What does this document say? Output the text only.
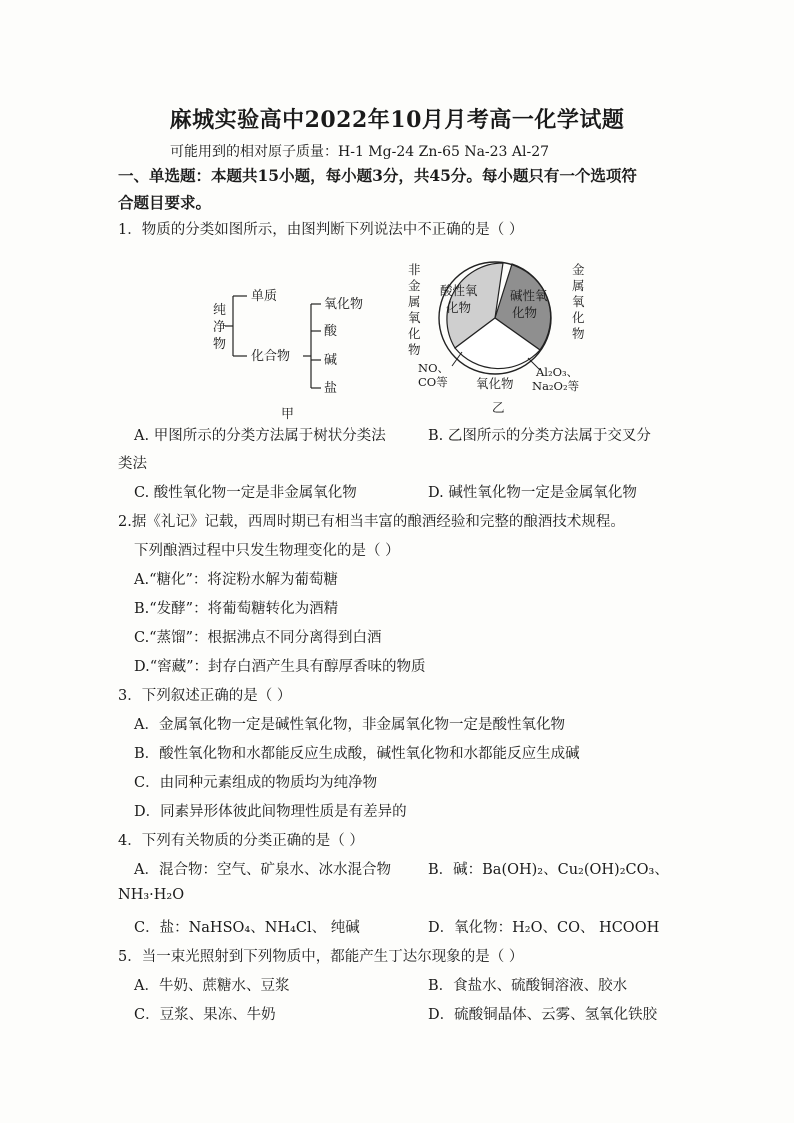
麻城实验高中2022年10月月考高一化学试题
可能用到的相对原子质量：H-1 Mg-24 Zn-65 Na-23 Al-27
一、单选题：本题共15小题，每小题3分，共45分。每小题只有一个选项符
合题目要求。
1．物质的分类如图所示，由图判断下列说法中不正确的是（ ）
纯
净
物
单质
化合物
氧化物
酸
碱
盐
甲
非
金
属
氧
化
物
金
属
氧
化
物
酸性氧
化物
碱性氧
化物
氧化物
NO、
CO等
Al₂O₃、
Na₂O₂等
乙
A. 甲图所示的分类方法属于树状分类法	B. 乙图所示的分类方法属于交叉分
类法
C. 酸性氧化物一定是非金属氧化物	D. 碱性氧化物一定是金属氧化物
2.据《礼记》记载，西周时期已有相当丰富的酿酒经验和完整的酿酒技术规程。
下列酿酒过程中只发生物理变化的是（ ）
A.“糖化”：将淀粉水解为葡萄糖
B.“发酵”：将葡萄糖转化为酒精
C.“蒸馏”：根据沸点不同分离得到白酒
D.“窖藏”：封存白酒产生具有醇厚香味的物质
3．下列叙述正确的是（ ）
A．金属氧化物一定是碱性氧化物，非金属氧化物一定是酸性氧化物
B．酸性氧化物和水都能反应生成酸，碱性氧化物和水都能反应生成碱
C．由同种元素组成的物质均为纯净物
D．同素异形体彼此间物理性质是有差异的
4．下列有关物质的分类正确的是（ ）
A．混合物：空气、矿泉水、冰水混合物	B．碱：Ba(OH)₂、Cu₂(OH)₂CO₃、
NH₃·H₂O
C．盐：NaHSO₄、NH₄Cl、 纯碱	D．氧化物：H₂O、CO、 HCOOH
5．当一束光照射到下列物质中，都能产生丁达尔现象的是（ ）
A．牛奶、蔗糖水、豆浆	B．食盐水、硫酸铜溶液、胶水
C．豆浆、果冻、牛奶	D．硫酸铜晶体、云雾、氢氧化铁胶
